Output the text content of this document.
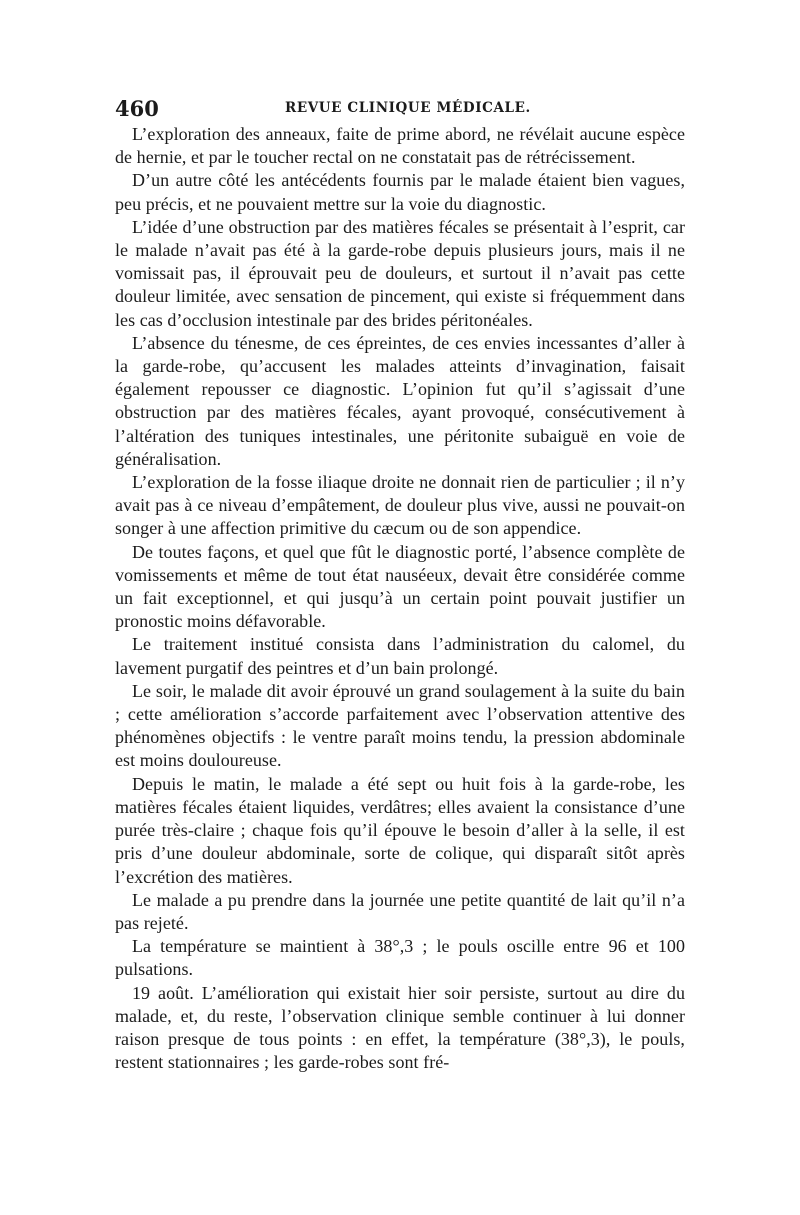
460	REVUE CLINIQUE MÉDICALE.

L’exploration des anneaux, faite de prime abord, ne révélait aucune espèce de hernie, et par le toucher rectal on ne constatait pas de rétrécissement.

D’un autre côté les antécédents fournis par le malade étaient bien vagues, peu précis, et ne pouvaient mettre sur la voie du diagnostic.

L’idée d’une obstruction par des matières fécales se présentait à l’esprit, car le malade n’avait pas été à la garde-robe depuis plusieurs jours, mais il ne vomissait pas, il éprouvait peu de douleurs, et surtout il n’avait pas cette douleur limitée, avec sensation de pincement, qui existe si fréquemment dans les cas d’occlusion intestinale par des brides péritonéales.

L’absence du ténesme, de ces épreintes, de ces envies incessantes d’aller à la garde-robe, qu’accusent les malades atteints d’invagination, faisait également repousser ce diagnostic. L’opinion fut qu’il s’agissait d’une obstruction par des matières fécales, ayant provoqué, consécutivement à l’altération des tuniques intestinales, une péritonite subaiguë en voie de généralisation.

L’exploration de la fosse iliaque droite ne donnait rien de particulier ; il n’y avait pas à ce niveau d’empâtement, de douleur plus vive, aussi ne pouvait-on songer à une affection primitive du cæcum ou de son appendice.

De toutes façons, et quel que fût le diagnostic porté, l’absence complète de vomissements et même de tout état nauséeux, devait être considérée comme un fait exceptionnel, et qui jusqu’à un certain point pouvait justifier un pronostic moins défavorable.

Le traitement institué consista dans l’administration du calomel, du lavement purgatif des peintres et d’un bain prolongé.

Le soir, le malade dit avoir éprouvé un grand soulagement à la suite du bain ; cette amélioration s’accorde parfaitement avec l’observation attentive des phénomènes objectifs : le ventre paraît moins tendu, la pression abdominale est moins douloureuse.

Depuis le matin, le malade a été sept ou huit fois à la garde-robe, les matières fécales étaient liquides, verdâtres; elles avaient la consistance d’une purée très-claire ; chaque fois qu’il épouve le besoin d’aller à la selle, il est pris d’une douleur abdominale, sorte de colique, qui disparaît sitôt après l’excrétion des matières.

Le malade a pu prendre dans la journée une petite quantité de lait qu’il n’a pas rejeté.

La température se maintient à 38°,3 ; le pouls oscille entre 96 et 100 pulsations.

19 août. L’amélioration qui existait hier soir persiste, surtout au dire du malade, et, du reste, l’observation clinique semble continuer à lui donner raison presque de tous points : en effet, la température (38°,3), le pouls, restent stationnaires ; les garde-robes sont fré-
